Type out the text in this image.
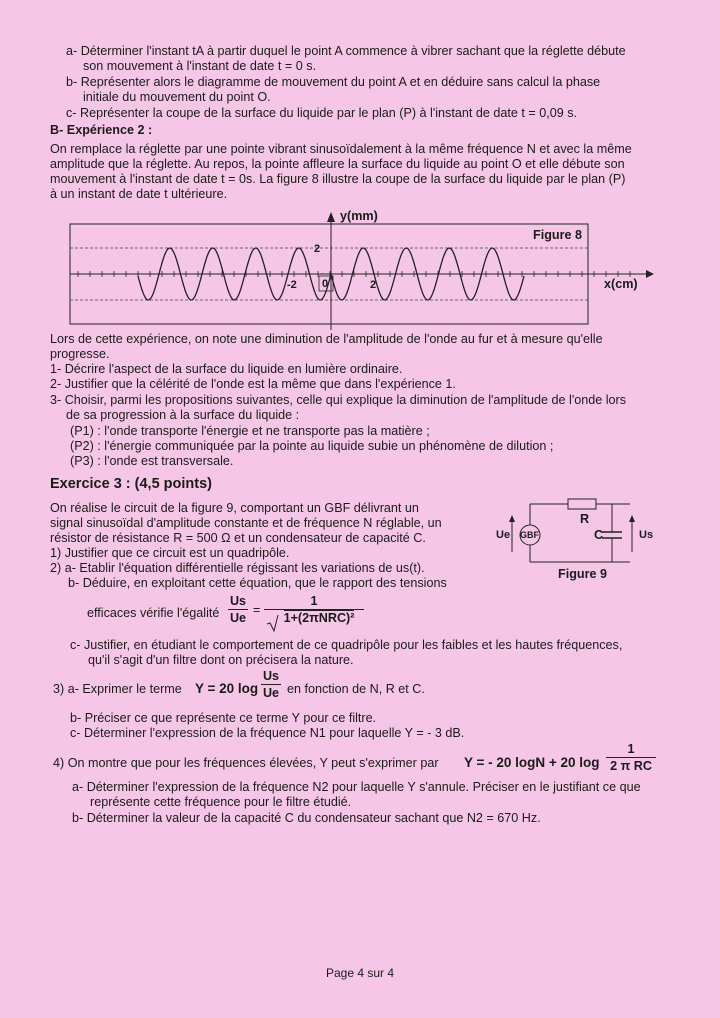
a- Déterminer l'instant tA à partir duquel le point A commence à vibrer sachant que la réglette débute
son mouvement à l'instant de date t = 0 s.
b- Représenter alors le diagramme de mouvement du point A et en déduire sans calcul la phase
initiale du mouvement du point O.
c- Représenter la coupe de la surface du liquide par le plan (P) à l'instant de date t = 0,09 s.
B- Expérience 2 :
On remplace la réglette par une pointe vibrant sinusoïdalement à la même fréquence N et avec la même
amplitude que la réglette. Au repos, la pointe affleure la surface du liquide au point O et elle débute son
mouvement à l'instant de date t = 0s. La figure 8 illustre la coupe de la surface du liquide par le plan (P)
à un instant de date t ultérieure.
y(mm)
Figure 8
x(cm)
2
-2 0	2
Lors de cette expérience, on note une diminution de l'amplitude de l'onde au fur et à mesure qu'elle
progresse.
1- Décrire l'aspect de la surface du liquide en lumière ordinaire.
2- Justifier que la célérité de l'onde est la même que dans l'expérience 1.
3- Choisir, parmi les propositions suivantes, celle qui explique la diminution de l'amplitude de l'onde lors
de sa progression à la surface du liquide :
(P1) : l'onde transporte l'énergie et ne transporte pas la matière ;
(P2) : l'énergie communiquée par la pointe au liquide subie un phénomène de dilution ;
(P3) : l'onde est transversale.
Exercice 3 : (4,5 points)
On réalise le circuit de la figure 9, comportant un GBF délivrant un
signal sinusoïdal d'amplitude constante et de fréquence N réglable, un
résistor de résistance R = 500 Ω et un condensateur de capacité C.
1) Justifier que ce circuit est un quadripôle.
2) a- Etablir l'équation différentielle régissant les variations de us(t).
b- Déduire, en exploitant cette équation, que le rapport des tensions
efficaces vérifie l'égalité
Us
Ue
=
1
1+(2πNRC)²
c- Justifier, en étudiant le comportement de ce quadripôle pour les faibles et les hautes fréquences,
qu'il s'agit d'un filtre dont on précisera la nature.
3) a- Exprimer le terme Y = 20 log
Us
Ue en fonction de N, R et C.
b- Préciser ce que représente ce terme Y pour ce filtre.
c- Déterminer l'expression de la fréquence N1 pour laquelle Y = - 3 dB.
4) On montre que pour les fréquences élevées, Y peut s'exprimer par Y = - 20 logN + 20 log
1
2 π RC
a- Déterminer l'expression de la fréquence N2 pour laquelle Y s'annule. Préciser en le justifiant ce que
représente cette fréquence pour le filtre étudié.
b- Déterminer la valeur de la capacité C du condensateur sachant que N2 = 670 Hz.
GBF
R
C
Ue	Us
Figure 9
Page 4 sur 4
